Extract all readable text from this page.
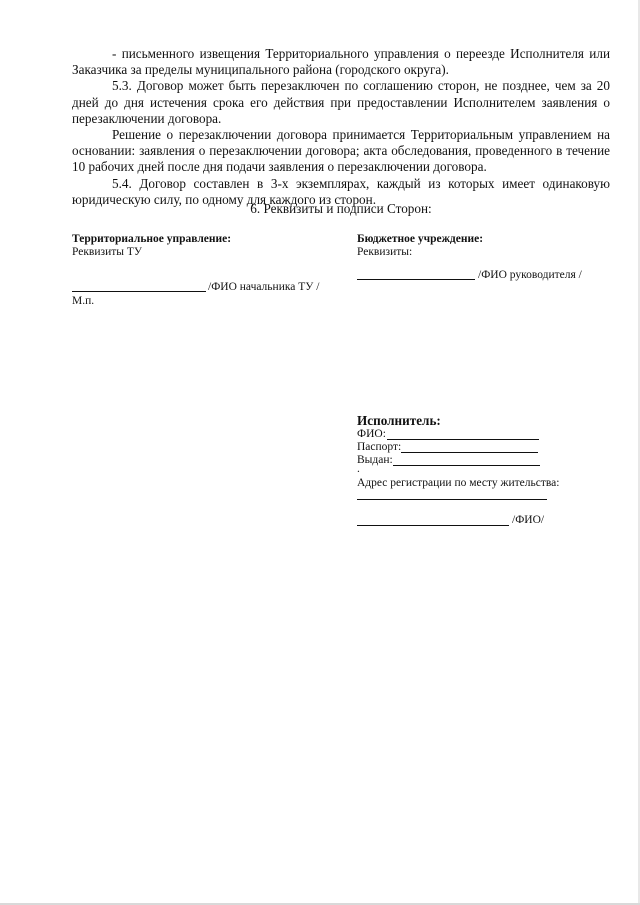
- письменного извещения Территориального управления о переезде Исполнителя или Заказчика за пределы муниципального района (городского округа).

5.3. Договор может быть перезаключен по соглашению сторон, не позднее, чем за 20 дней до дня истечения срока его действия при предоставлении Исполнителем заявления о перезаключении договора.

Решение о перезаключении договора принимается Территориальным управлением на основании: заявления о перезаключении договора; акта обследования, проведенного в течение 10 рабочих дней после дня подачи заявления о перезаключении договора.

5.4. Договор составлен в 3-х экземплярах, каждый из которых имеет одинаковую юридическую силу, по одному для каждого из сторон.

6. Реквизиты и подписи Сторон:
Территориальное управление:
Реквизиты ТУ
/ФИО начальника ТУ /
М.п.
Бюджетное учреждение:
Реквизиты:
/ФИО руководителя /
Исполнитель:
ФИО:
Паспорт:
Выдан:
.
Адрес регистрации по месту жительства:
/ФИО/
